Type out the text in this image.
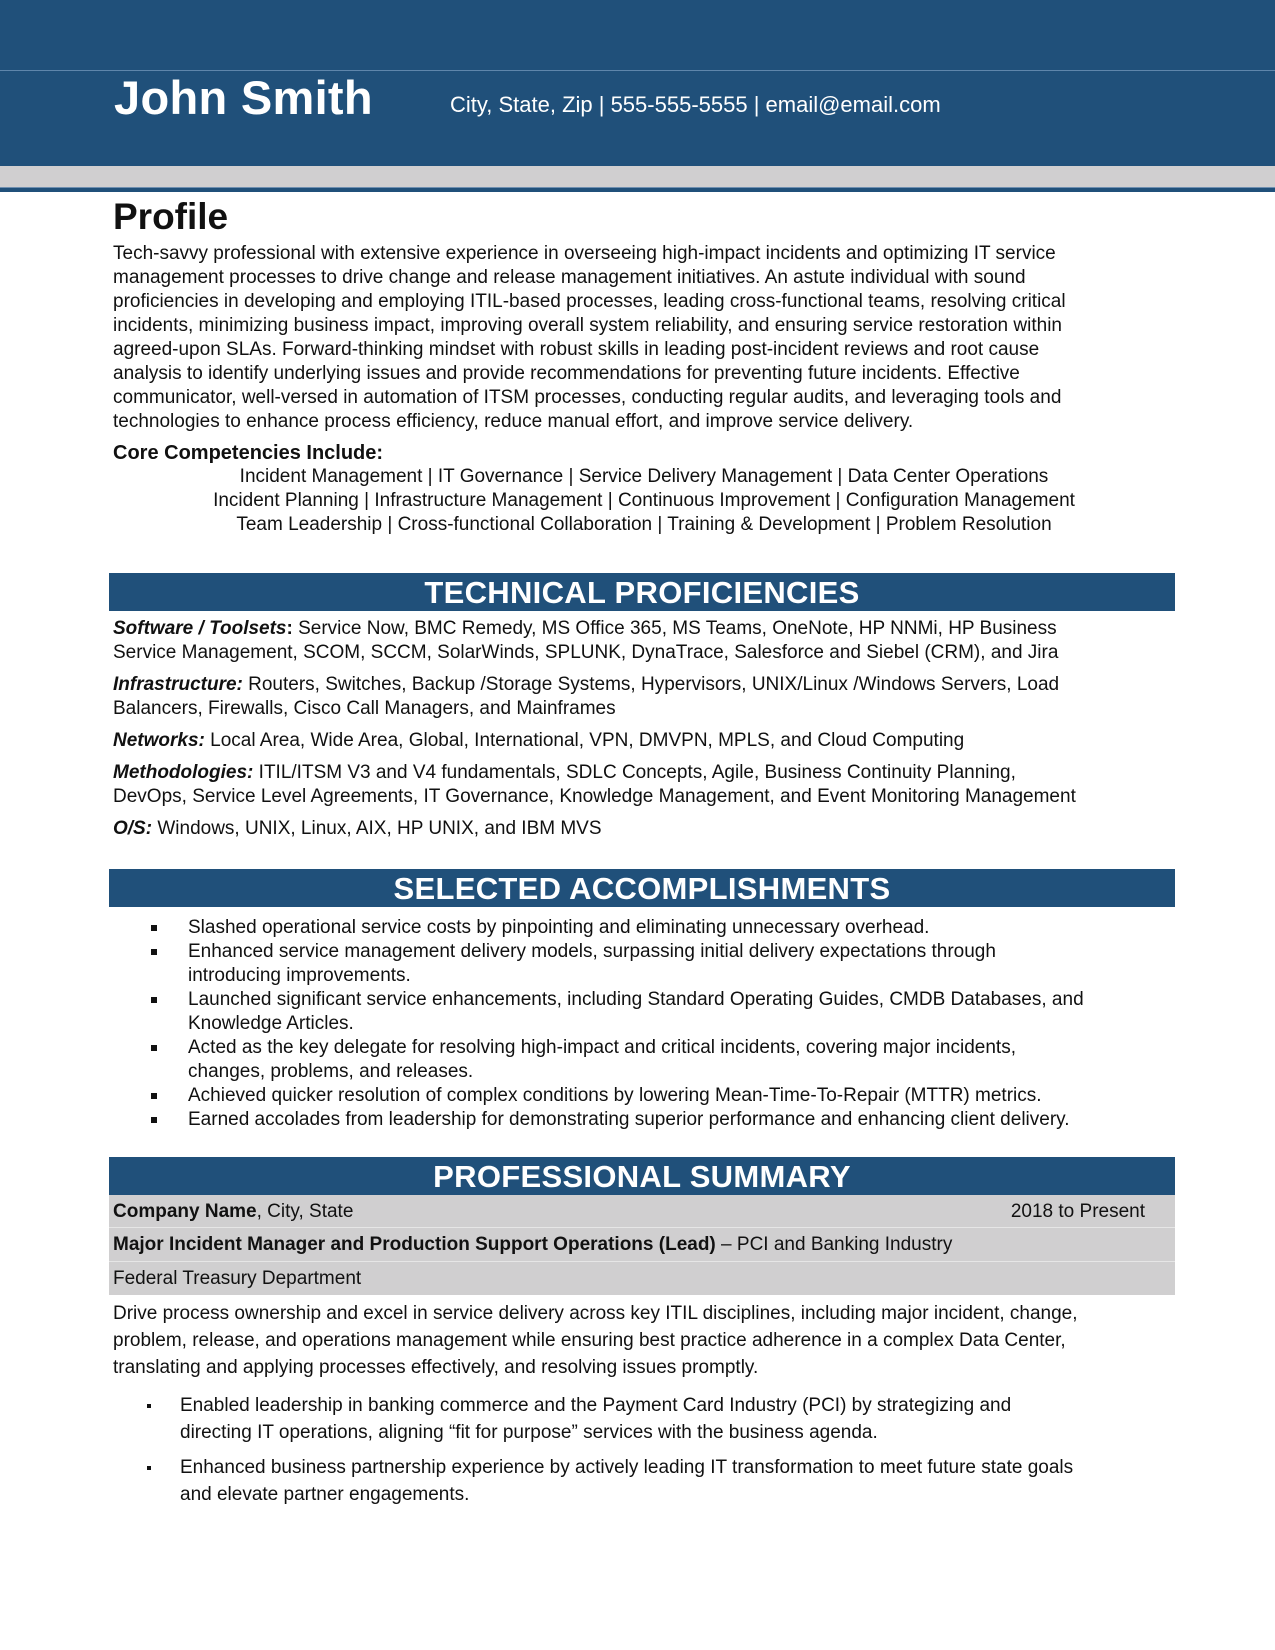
John Smith	City, State, Zip | 555-555-5555 | email@email.com
Profile
Tech-savvy professional with extensive experience in overseeing high-impact incidents and optimizing IT service
management processes to drive change and release management initiatives. An astute individual with sound
proficiencies in developing and employing ITIL-based processes, leading cross-functional teams, resolving critical
incidents, minimizing business impact, improving overall system reliability, and ensuring service restoration within
agreed-upon SLAs. Forward-thinking mindset with robust skills in leading post-incident reviews and root cause
analysis to identify underlying issues and provide recommendations for preventing future incidents. Effective
communicator, well-versed in automation of ITSM processes, conducting regular audits, and leveraging tools and
technologies to enhance process efficiency, reduce manual effort, and improve service delivery.
Core Competencies Include:
Incident Management | IT Governance | Service Delivery Management | Data Center Operations
Incident Planning | Infrastructure Management | Continuous Improvement | Configuration Management
Team Leadership | Cross-functional Collaboration | Training & Development | Problem Resolution
TECHNICAL PROFICIENCIES
Software / Toolsets: Service Now, BMC Remedy, MS Office 365, MS Teams, OneNote, HP NNMi, HP Business
Service Management, SCOM, SCCM, SolarWinds, SPLUNK, DynaTrace, Salesforce and Siebel (CRM), and Jira
Infrastructure: Routers, Switches, Backup /Storage Systems, Hypervisors, UNIX/Linux /Windows Servers, Load
Balancers, Firewalls, Cisco Call Managers, and Mainframes
Networks: Local Area, Wide Area, Global, International, VPN, DMVPN, MPLS, and Cloud Computing
Methodologies: ITIL/ITSM V3 and V4 fundamentals, SDLC Concepts, Agile, Business Continuity Planning,
DevOps, Service Level Agreements, IT Governance, Knowledge Management, and Event Monitoring Management
O/S: Windows, UNIX, Linux, AIX, HP UNIX, and IBM MVS
SELECTED ACCOMPLISHMENTS
Slashed operational service costs by pinpointing and eliminating unnecessary overhead.
Enhanced service management delivery models, surpassing initial delivery expectations through
introducing improvements.
Launched significant service enhancements, including Standard Operating Guides, CMDB Databases, and
Knowledge Articles.
Acted as the key delegate for resolving high-impact and critical incidents, covering major incidents,
changes, problems, and releases.
Achieved quicker resolution of complex conditions by lowering Mean-Time-To-Repair (MTTR) metrics.
Earned accolades from leadership for demonstrating superior performance and enhancing client delivery.
PROFESSIONAL SUMMARY
Company Name, City, State	2018 to Present
Major Incident Manager and Production Support Operations (Lead) – PCI and Banking Industry
Federal Treasury Department
Drive process ownership and excel in service delivery across key ITIL disciplines, including major incident, change,
problem, release, and operations management while ensuring best practice adherence in a complex Data Center,
translating and applying processes effectively, and resolving issues promptly.
Enabled leadership in banking commerce and the Payment Card Industry (PCI) by strategizing and
directing IT operations, aligning “fit for purpose” services with the business agenda.
Enhanced business partnership experience by actively leading IT transformation to meet future state goals
and elevate partner engagements.
